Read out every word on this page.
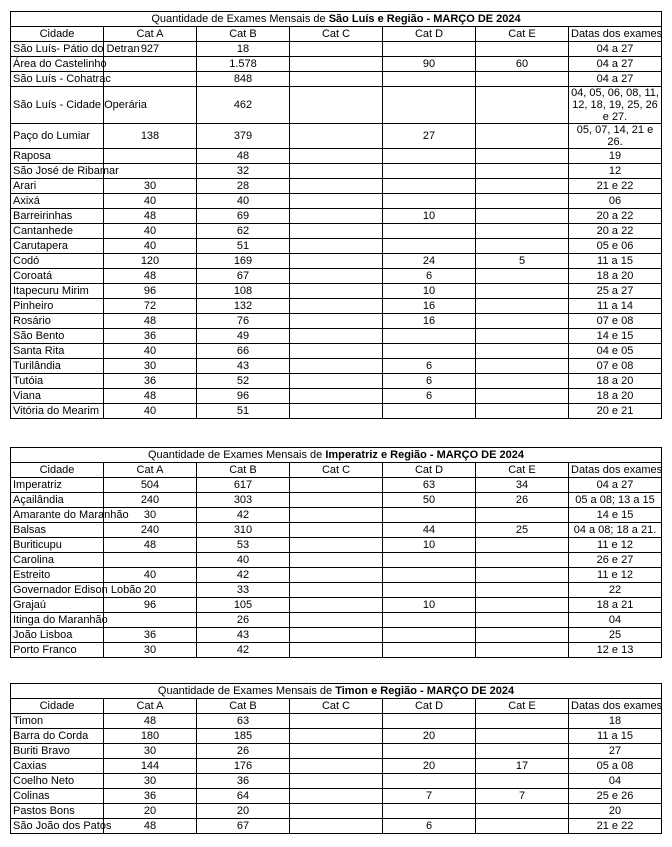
Quantidade de Exames Mensais de São Luís e Região - MARÇO DE 2024						
Cidade	Cat A	Cat B	Cat C	Cat D	Cat E	Datas dos exames
São Luís- Pátio do Detran	927	18				04 a 27
Área do Castelinho		1.578		90	60	04 a 27
São Luís - Cohatrac		848				04 a 27
São Luís - Cidade Operária		462				04, 05, 06, 08, 11, 12, 18, 19, 25, 26 e 27.
Paço do Lumiar	138	379		27		05, 07, 14, 21 e 26.
Raposa		48				19
São José de Ribamar		32				12
Arari	30	28				21 e 22
Axixá	40	40				06
Barreirinhas	48	69		10		20 a 22
Cantanhede	40	62				20 a 22
Carutapera	40	51				05 e 06
Codó	120	169		24	5	11 a 15
Coroatá	48	67		6		18 a 20
Itapecuru Mirim	96	108		10		25 a 27
Pinheiro	72	132		16		11 a 14
Rosário	48	76		16		07 e 08
São Bento	36	49				14 e 15
Santa Rita	40	66				04 e 05
Turilândia	30	43		6		07 e 08
Tutóia	36	52		6		18 a 20
Viana	48	96		6		18 a 20
Vitória do Mearim	40	51				20 e 21
Quantidade de Exames Mensais de Imperatriz e Região - MARÇO DE 2024						
Cidade	Cat A	Cat B	Cat C	Cat D	Cat E	Datas dos exames
Imperatriz	504	617		63	34	04 a 27
Açailândia	240	303		50	26	05 a 08; 13 a 15
Amarante do Maranhão	30	42				14 e 15
Balsas	240	310		44	25	04 a 08; 18 a 21.
Buriticupu	48	53		10		11 e 12
Carolina		40				26 e 27
Estreito	40	42				11 e 12
Governador Edison Lobão	20	33				22
Grajaú	96	105		10		18 a 21
Itinga do Maranhão		26				04
João Lisboa	36	43				25
Porto Franco	30	42				12 e 13
Quantidade de Exames Mensais de Timon e Região - MARÇO DE 2024						
Cidade	Cat A	Cat B	Cat C	Cat D	Cat E	Datas dos exames
Timon	48	63				18
Barra do Corda	180	185		20		11 a 15
Buriti Bravo	30	26				27
Caxias	144	176		20	17	05 a 08
Coelho Neto	30	36				04
Colinas	36	64		7	7	25 e 26
Pastos Bons	20	20				20
São João dos Patos	48	67		6		21 e 22
